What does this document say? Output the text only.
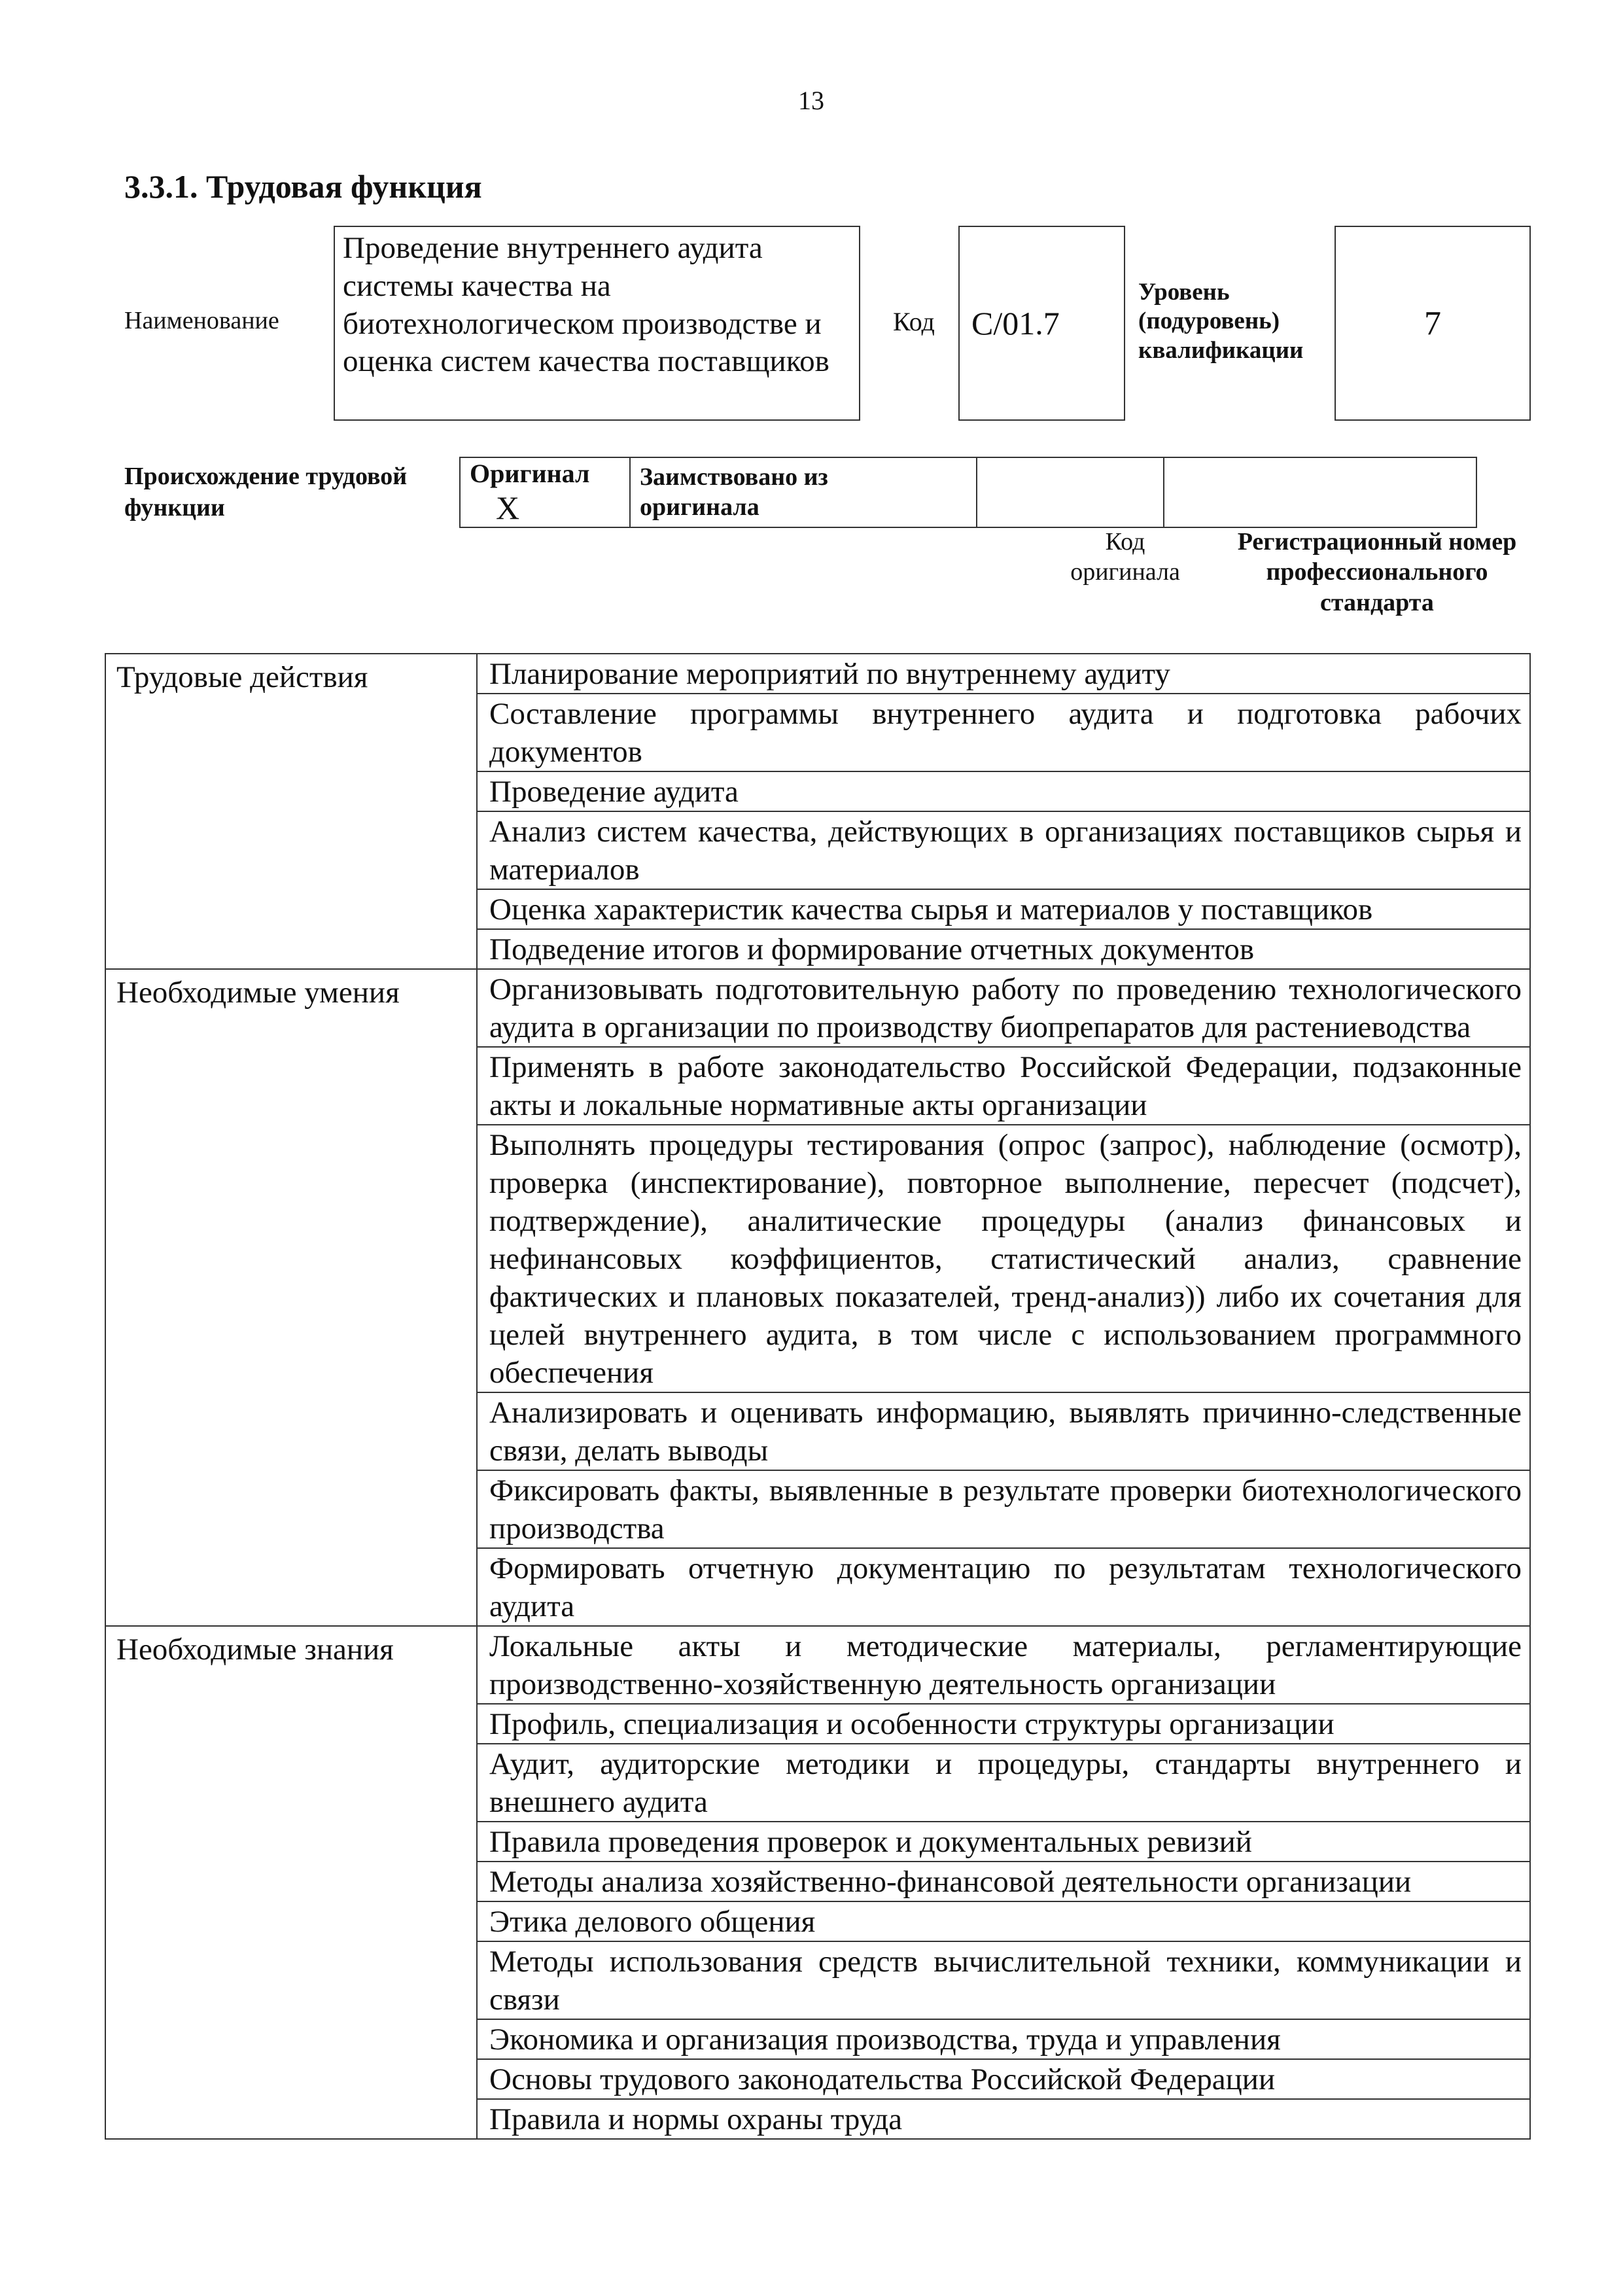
13
3.3.1. Трудовая функция
Наименование
Проведение внутреннего аудита системы качества на биотехнологическом производстве и оценка систем качества поставщиков
Код	C/01.7
Уровень
(подуровень)
квалификации
7
Происхождение трудовой
функции
ОригиналX	
Заимствовано из
оригинала

Код
оригинала
Регистрационный номер
профессионального
стандарта
Трудовые действия	Планирование мероприятий по внутреннему аудиту
	Составление программы внутреннего аудита и подготовка рабочих документов
	Проведение аудита
	Анализ систем качества, действующих в организациях поставщиков сырья и материалов
	Оценка характеристик качества сырья и материалов у поставщиков
	Подведение итогов и формирование отчетных документов
Необходимые умения	Организовывать подготовительную работу по проведению технологического аудита в организации по производству биопрепаратов для растениеводства
	Применять в работе законодательство Российской Федерации, подзаконные акты и локальные нормативные акты организации
	Выполнять процедуры тестирования (опрос (запрос), наблюдение (осмотр), проверка (инспектирование), повторное выполнение, пересчет (подсчет), подтверждение), аналитические процедуры (анализ финансовых и нефинансовых коэффициентов, статистический анализ, сравнение фактических и плановых показателей, тренд-анализ)) либо их сочетания для целей внутреннего аудита, в том числе с использованием программного обеспечения
	Анализировать и оценивать информацию, выявлять причинно-следственные связи, делать выводы
	Фиксировать факты, выявленные в результате проверки биотехнологического производства
	Формировать отчетную документацию по результатам технологического аудита
Необходимые знания	Локальные акты и методические материалы, регламентирующие производственно-хозяйственную деятельность организации
	Профиль, специализация и особенности структуры организации
	Аудит, аудиторские методики и процедуры, стандарты внутреннего и внешнего аудита
	Правила проведения проверок и документальных ревизий
	Методы анализа хозяйственно-финансовой деятельности организации
	Этика делового общения
	Методы использования средств вычислительной техники, коммуникации и связи
	Экономика и организация производства, труда и управления
	Основы трудового законодательства Российской Федерации
	Правила и нормы охраны труда
